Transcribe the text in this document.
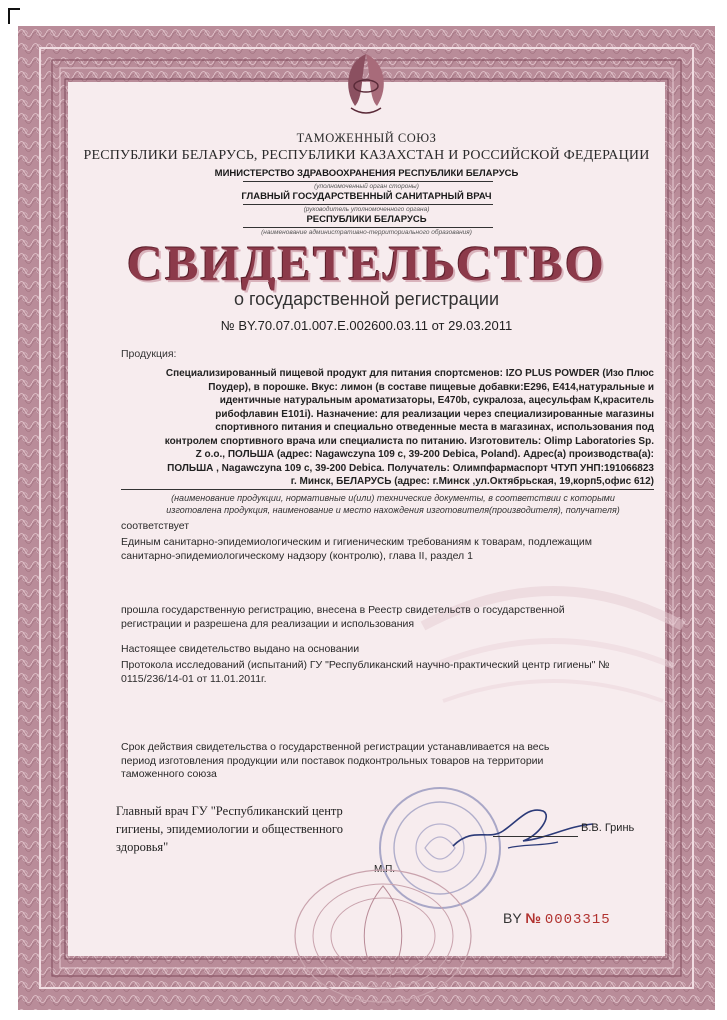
ТАМОЖЕННЫЙ СОЮЗ

РЕСПУБЛИКИ БЕЛАРУСЬ, РЕСПУБЛИКИ КАЗАХСТАН И РОССИЙСКОЙ ФЕДЕРАЦИИ

МИНИСТЕРСТВО ЗДРАВООХРАНЕНИЯ РЕСПУБЛИКИ БЕЛАРУСЬ

(уполномоченный орган стороны)

ГЛАВНЫЙ ГОСУДАРСТВЕННЫЙ САНИТАРНЫЙ ВРАЧ

(руководитель уполномоченного органа)

РЕСПУБЛИКИ БЕЛАРУСЬ

(наименование административно-территориального образования)

СВИДЕТЕЛЬСТВО

о государственной регистрации

№ BY.70.07.01.007.E.002600.03.11 от 29.03.2011

Продукция:

Специализированный пищевой продукт для питания спортсменов: IZO PLUS POWDER (Изо Плюс
Поудер), в порошке. Вкус: лимон (в составе пищевые добавки:E296, E414,натуральные и
идентичные натуральным ароматизаторы, E470b, сукралоза, ацесульфам К,краситель
рибофлавин E101i). Назначение: для реализации через специализированные магазины
спортивного питания и специально отведенные места в магазинах, использования под
контролем спортивного врача или специалиста по питанию. Изготовитель: Olimp Laboratories Sp.
Z o.o., ПОЛЬША (адрес: Nagawczyna 109 c, 39-200 Debica, Poland). Адрес(а) производства(а):
ПОЛЬША , Nagawczyna 109 c, 39-200 Debica. Получатель: Олимпфармаспорт ЧТУП УНП:191066823
г. Минск, БЕЛАРУСЬ (адрес: г.Минск ,ул.Октябрьская, 19,корп5,офис 612)
(наименование продукции, нормативные и(или) технические документы, в соответствии с которыми
изготовлена продукция, наименование и место нахождения изготовителя(производителя), получателя)

соответствует

Единым санитарно-эпидемиологическим и гигиеническим требованиям к товарам, подлежащим
санитарно-эпидемиологическому надзору (контролю), глава II, раздел 1
прошла государственную регистрацию, внесена в Реестр свидетельств о государственной
регистрации и разрешена для реализации и использования

Настоящее свидетельство выдано на основании

Протокола исследований (испытаний) ГУ "Республиканский научно-практический центр гигиены" №
0115/236/14-01 от 11.01.2011г.
Срок действия свидетельства о государственной регистрации устанавливается на весь
период изготовления продукции или поставок подконтрольных товаров на территории
таможенного союза
Главный врач ГУ "Республиканский центр
гигиены, эпидемиологии и общественного
здоровья"

В.В. Гринь

М.П.

BY № 0003315
